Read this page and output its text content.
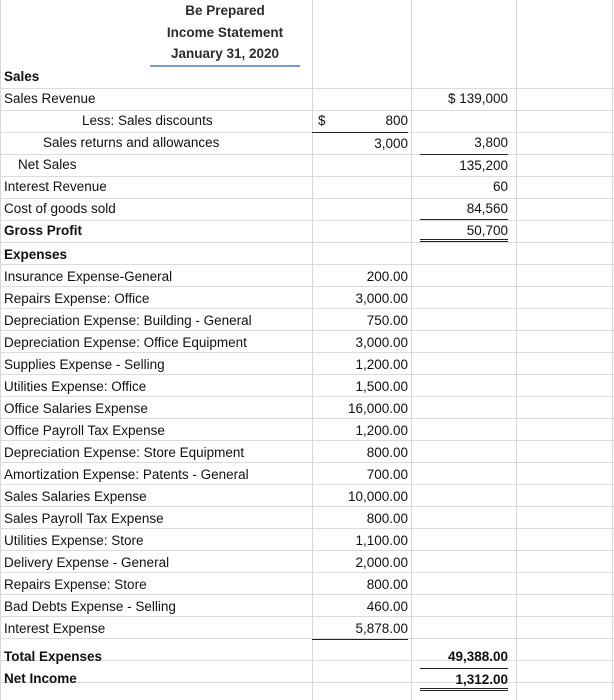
Be Prepared
Income Statement
January 31, 2020
Sales
Sales Revenue	$ 139,000
Less: Sales discounts	$	800
Sales returns and allowances	3,000	3,800
Net Sales	135,200
Interest Revenue	60
Cost of goods sold	84,560
Gross Profit	50,700
Expenses
Insurance Expense-General	200.00
Repairs Expense: Office	3,000.00
Depreciation Expense: Building - General	750.00
Depreciation Expense: Office Equipment	3,000.00
Supplies Expense - Selling	1,200.00
Utilities Expense: Office	1,500.00
Office Salaries Expense	16,000.00
Office Payroll Tax Expense	1,200.00
Depreciation Expense: Store Equipment	800.00
Amortization Expense: Patents - General	700.00
Sales Salaries Expense	10,000.00
Sales Payroll Tax Expense	800.00
Utilities Expense: Store	1,100.00
Delivery Expense - General	2,000.00
Repairs Expense: Store	800.00
Bad Debts Expense - Selling	460.00
Interest Expense	5,878.00
Total Expenses	49,388.00
Net Income	1,312.00
